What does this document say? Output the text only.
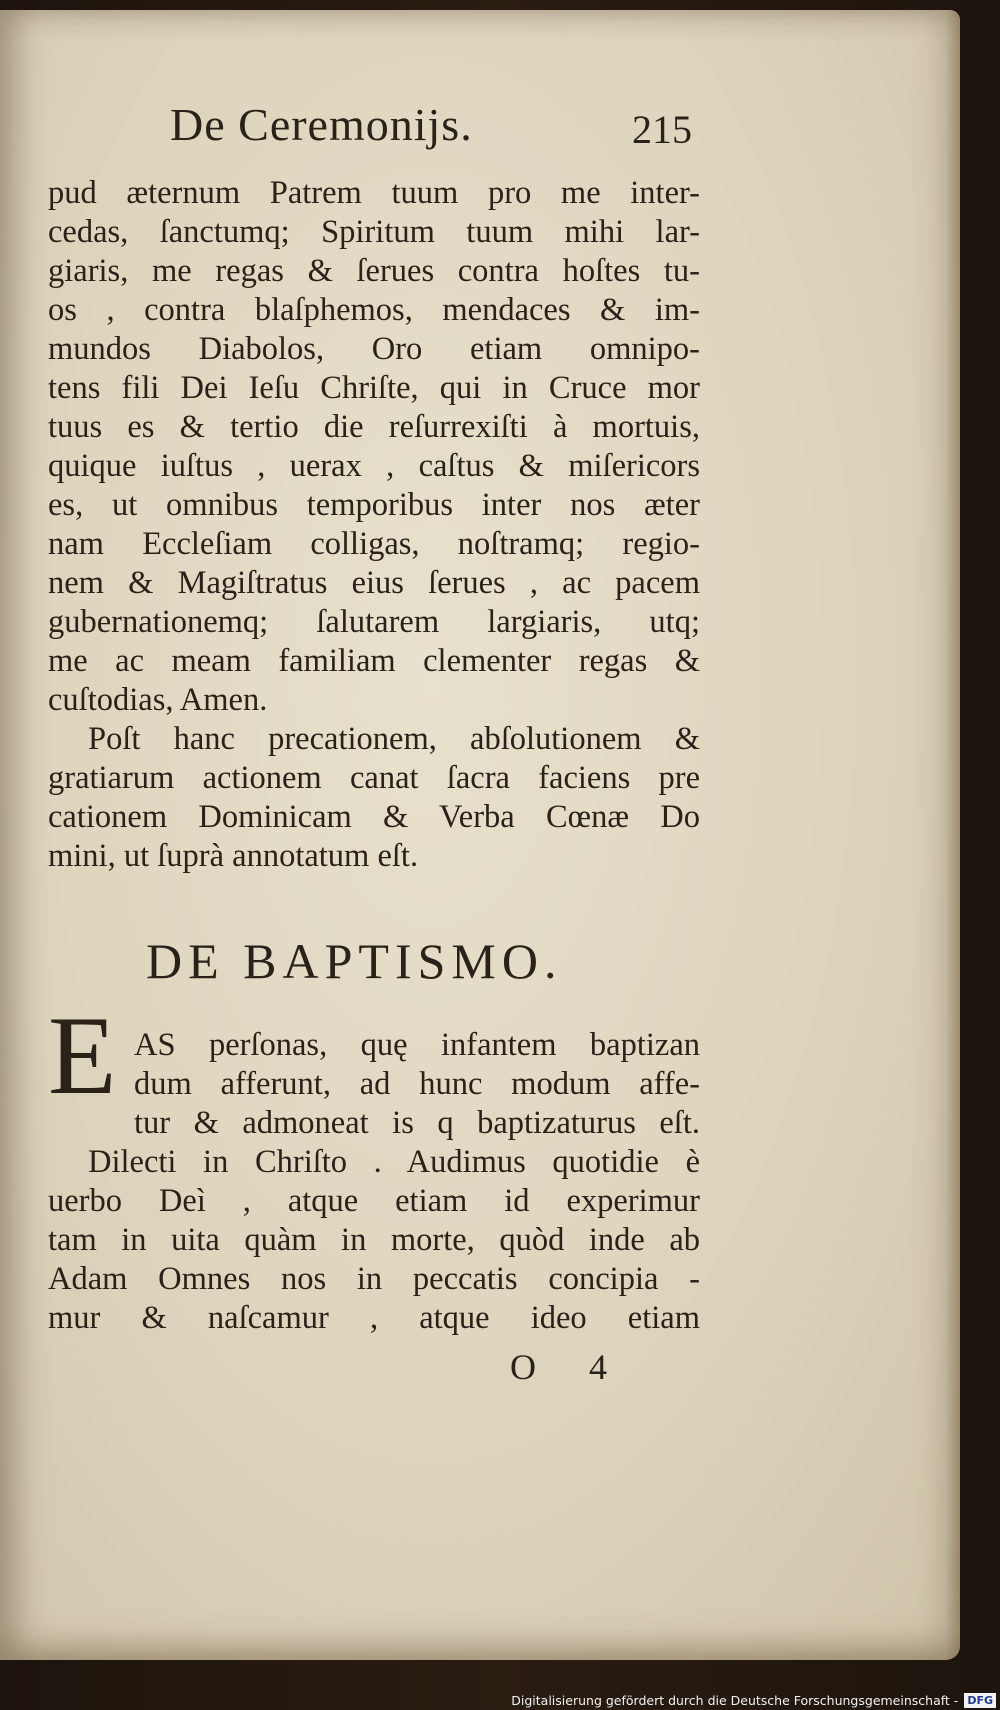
De Ceremonijs.	215
pud æternum Patrem tuum pro me inter-
cedas, ſanctumq; Spiritum tuum mihi lar-
giaris, me regas & ſerues contra hoſtes tu-
os , contra blaſphemos, mendaces & im-
mundos Diabolos, Oro etiam omnipo-
tens fili Dei Ieſu Chriſte, qui in Cruce mor
tuus es & tertio die reſurrexiſti à mortuis,
quique iuſtus , uerax , caſtus & miſericors
es, ut omnibus temporibus inter nos æter
nam Eccleſiam colligas, noſtramq; regio-
nem & Magiſtratus eius ſerues , ac pacem
gubernationemq; ſalutarem largiaris, utq;
me ac meam familiam clementer regas &
cuſtodias, Amen.
Poſt hanc precationem, abſolutionem &
gratiarum actionem canat ſacra faciens pre
cationem Dominicam & Verba Cœnæ Do
mini, ut ſuprà annotatum eſt.
DE BAPTISMO.
E AS perſonas, quę infantem baptizan
dum afferunt, ad hunc modum affe-
tur & admoneat is q baptizaturus eſt.
Dilecti in Chriſto . Audimus quotidie è
uerbo Deì , atque etiam id experimur
tam in uita quàm in morte, quòd inde ab
Adam Omnes nos in peccatis concipia -
mur & naſcamur , atque ideo etiam
O 4
Digitalisierung gefördert durch die Deutsche Forschungsgemeinschaft - DFG
